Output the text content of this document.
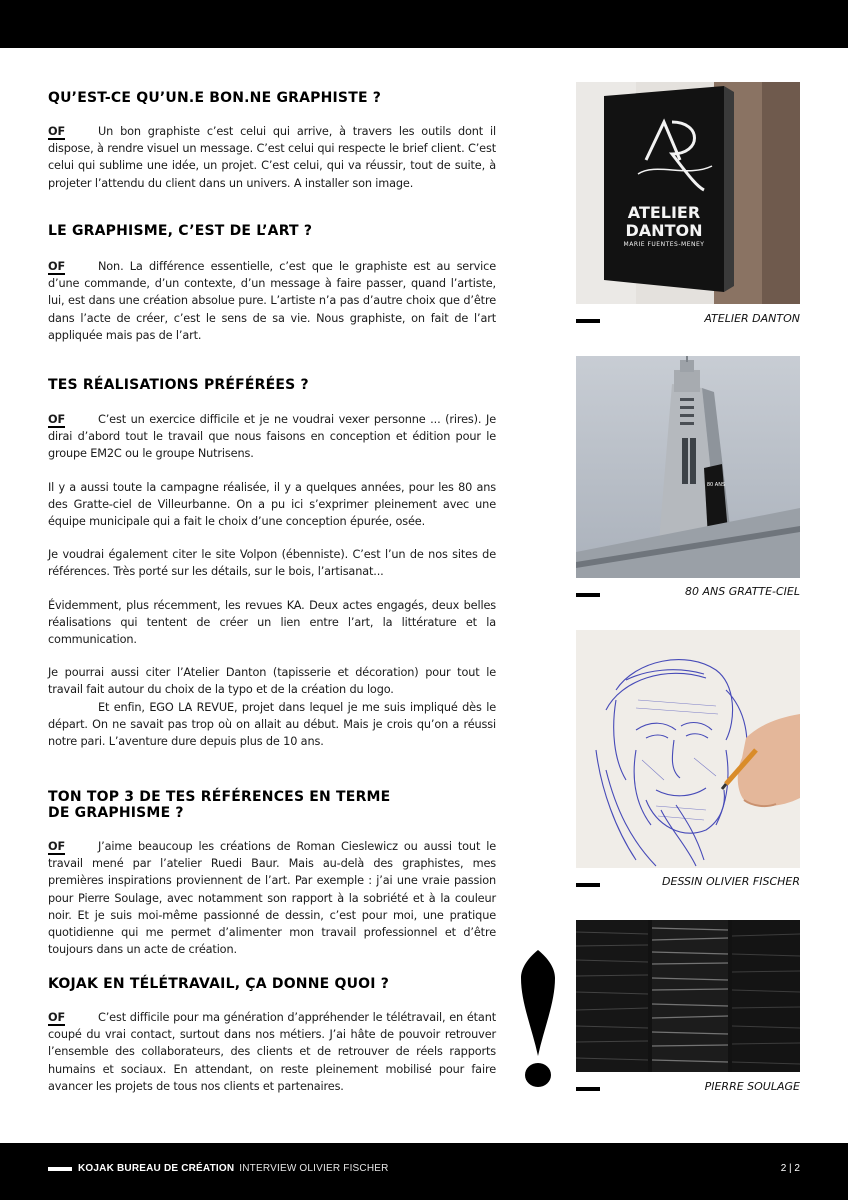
QU’EST-CE QU’UN.E BON.NE GRAPHISTE ?

OF	Un bon graphiste c’est celui qui arrive, à travers les outils dont il dispose, à rendre visuel un message. C’est celui qui respecte le brief client. C’est celui qui sublime une idée, un projet. C’est celui, qui va réussir, tout de suite, à projeter l’attendu du client dans un univers. A installer son image.

LE GRAPHISME, C’EST DE L’ART ?

OF	Non. La différence essentielle, c’est que le graphiste est au service d’une commande, d’un contexte, d’un message à faire passer, quand l’artiste, lui, est dans une création absolue pure. L’artiste n’a pas d’autre choix que d’être dans l’acte de créer, c’est le sens de sa vie. Nous graphiste, on fait de l’art appliquée mais pas de l’art.

TES RÉALISATIONS PRÉFÉRÉES ?

OF	C’est un exercice difficile et je ne voudrai vexer personne ... (rires). Je dirai d’abord tout le travail que nous faisons en conception et édition pour le groupe EM2C ou le groupe Nutrisens.

Il y a aussi toute la campagne réalisée, il y a quelques années, pour les 80 ans des Gratte-ciel de Villeurbanne. On a pu ici s’exprimer pleinement avec une équipe municipale qui a fait le choix d’une conception épurée, osée.

Je voudrai également citer le site Volpon (ébenniste). C’est l’un de nos sites de références. Très porté sur les détails, sur le bois, l’artisanat...

Évidemment, plus récemment, les revues KA. Deux actes engagés, deux belles réalisations qui tentent de créer un lien entre l’art, la littérature et la communication.

Je pourrai aussi citer l’Atelier Danton (tapisserie et décoration) pour tout le travail fait autour du choix de la typo et de la création du logo.

Et enfin, EGO LA REVUE, projet dans lequel je me suis impliqué dès le départ. On ne savait pas trop où on allait au début. Mais je crois qu’on a réussi notre pari. L’aventure dure depuis plus de 10 ans.

TON TOP 3 DE TES RÉFÉRENCES EN TERME
DE GRAPHISME ?

OF	J’aime beaucoup les créations de Roman Cieslewicz ou aussi tout le travail mené par l’atelier Ruedi Baur. Mais au-delà des graphistes, mes premières inspirations proviennent de l’art. Par exemple : j’ai une vraie passion pour Pierre Soulage, avec notamment son rapport à la sobriété et à la couleur noir. Et je suis moi-même passionné de dessin, c’est pour moi, une pratique quotidienne qui me permet d’alimenter mon travail professionnel et d’être toujours dans un acte de création.

KOJAK EN TÉLÉTRAVAIL, ÇA DONNE QUOI ?

OF	C’est difficile pour ma génération d’appréhender le télétravail, en étant coupé du vrai contact, surtout dans nos métiers. J’ai hâte de pouvoir retrouver l’ensemble des collaborateurs, des clients et de retrouver de réels rapports humains et sociaux. En attendant, on reste pleinement mobilisé pour faire avancer les projets de tous nos clients et partenaires.

ATELIER
DANTON
MARIE FUENTES-MENEY
ATELIER DANTON
80 ANS
80 ANS GRATTE-CIEL
DESSIN OLIVIER FISCHER
PIERRE SOULAGE
KOJAK BUREAU DE CRÉATION INTERVIEW OLIVIER FISCHER	2 | 2
